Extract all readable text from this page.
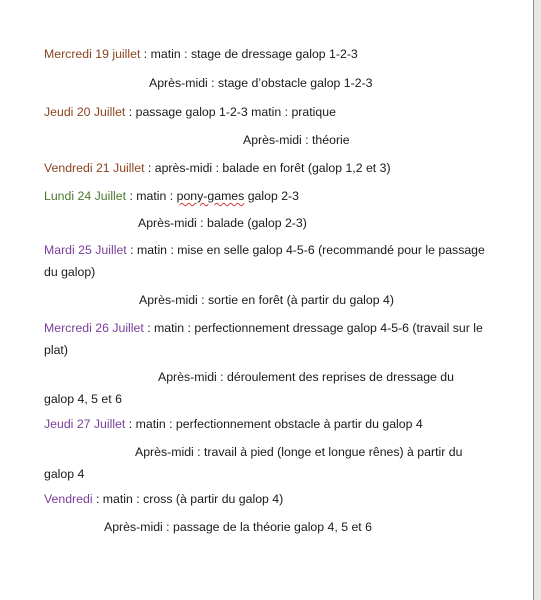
Mercredi 19 juillet : matin : stage de dressage galop 1-2-3
Après-midi : stage d’obstacle galop 1-2-3
Jeudi 20 Juillet : passage galop 1-2-3 matin : pratique
Après-midi : théorie
Vendredi 21 Juillet : après-midi : balade en forêt (galop 1,2 et 3)
Lundi 24 Juillet : matin : pony-games galop 2-3
Après-midi : balade (galop 2-3)
Mardi 25 Juillet : matin : mise en selle galop 4-5-6 (recommandé pour le passage du galop)
Après-midi : sortie en forêt (à partir du galop 4)
Mercredi 26 Juillet : matin : perfectionnement dressage galop 4-5-6 (travail sur le plat)
Après-midi : déroulement des reprises de dressage du
galop 4, 5 et 6
Jeudi 27 Juillet : matin : perfectionnement obstacle à partir du galop 4
Après-midi : travail à pied (longe et longue rênes) à partir du
galop 4
Vendredi : matin : cross (à partir du galop 4)
Après-midi : passage de la théorie galop 4, 5 et 6
